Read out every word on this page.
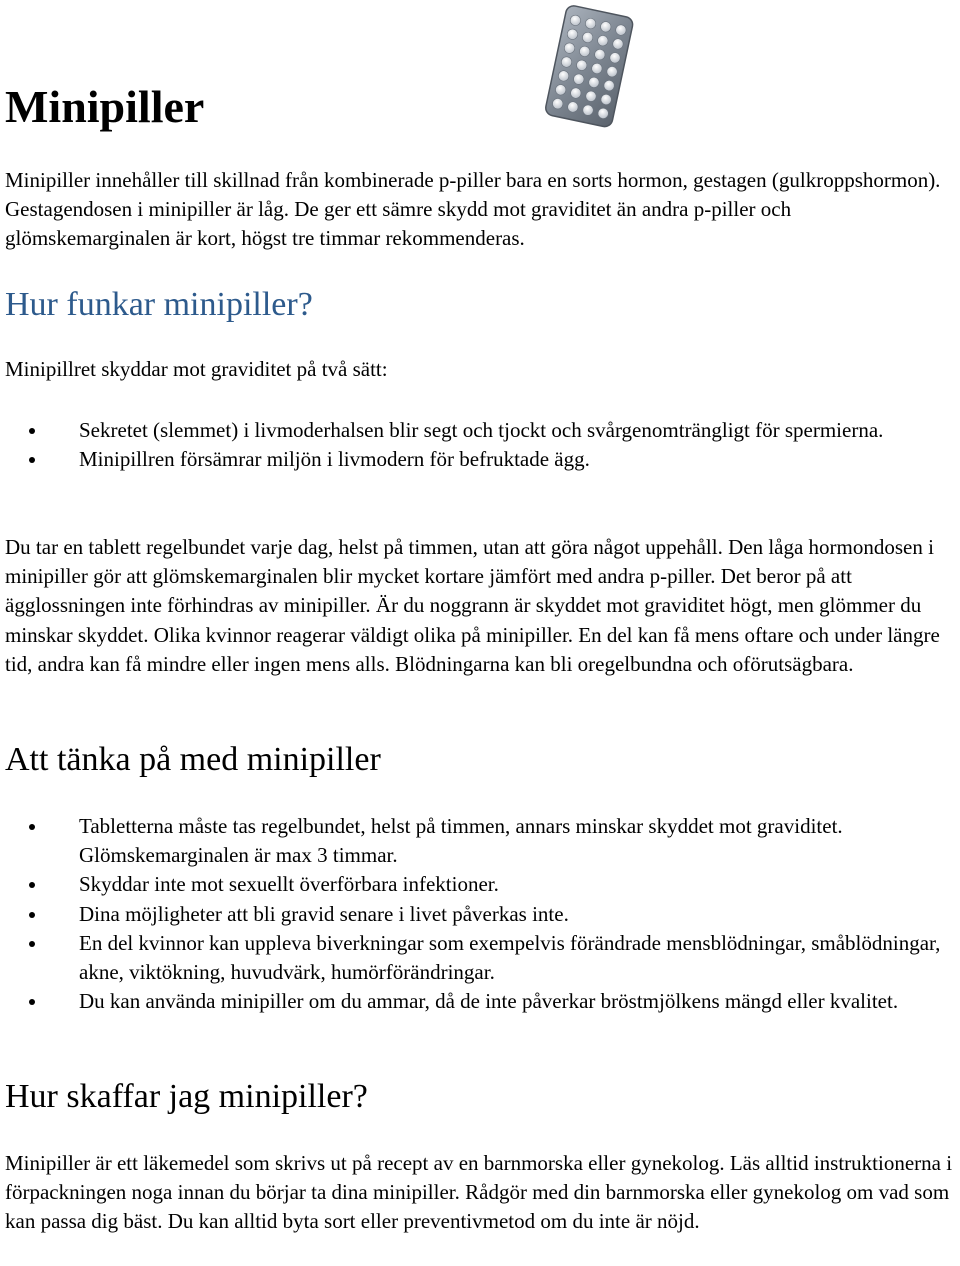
Minipiller

Minipiller innehåller till skillnad från kombinerade p-piller bara en sorts hormon, gestagen (gulkroppshormon). Gestagendosen i minipiller är låg. De ger ett sämre skydd mot graviditet än andra p-piller och glömskemarginalen är kort, högst tre timmar rekommenderas.

Hur funkar minipiller?

Minipillret skyddar mot graviditet på två sätt:

Sekretet (slemmet) i livmoderhalsen blir segt och tjockt och svårgenomträngligt för spermierna.
Minipillren försämrar miljön i livmodern för befruktade ägg.

Du tar en tablett regelbundet varje dag, helst på timmen, utan att göra något uppehåll. Den låga hormondosen i minipiller gör att glömskemarginalen blir mycket kortare jämfört med andra p-piller. Det beror på att ägglossningen inte förhindras av minipiller. Är du noggrann är skyddet mot graviditet högt, men glömmer du minskar skyddet. Olika kvinnor reagerar väldigt olika på minipiller. En del kan få mens oftare och under längre tid, andra kan få mindre eller ingen mens alls. Blödningarna kan bli oregelbundna och oförutsägbara.

Att tänka på med minipiller
Tabletterna måste tas regelbundet, helst på timmen, annars minskar skyddet mot graviditet. Glömskemarginalen är max 3 timmar.
Skyddar inte mot sexuellt överförbara infektioner.
Dina möjligheter att bli gravid senare i livet påverkas inte.
En del kvinnor kan uppleva biverkningar som exempelvis förändrade mensblödningar, småblödningar, akne, viktökning, huvudvärk, humörförändringar.
Du kan använda minipiller om du ammar, då de inte påverkar bröstmjölkens mängd eller kvalitet.
Hur skaffar jag minipiller?

Minipiller är ett läkemedel som skrivs ut på recept av en barnmorska eller gynekolog. Läs alltid instruktionerna i förpackningen noga innan du börjar ta dina minipiller. Rådgör med din barnmorska eller gynekolog om vad som kan passa dig bäst. Du kan alltid byta sort eller preventivmetod om du inte är nöjd.
